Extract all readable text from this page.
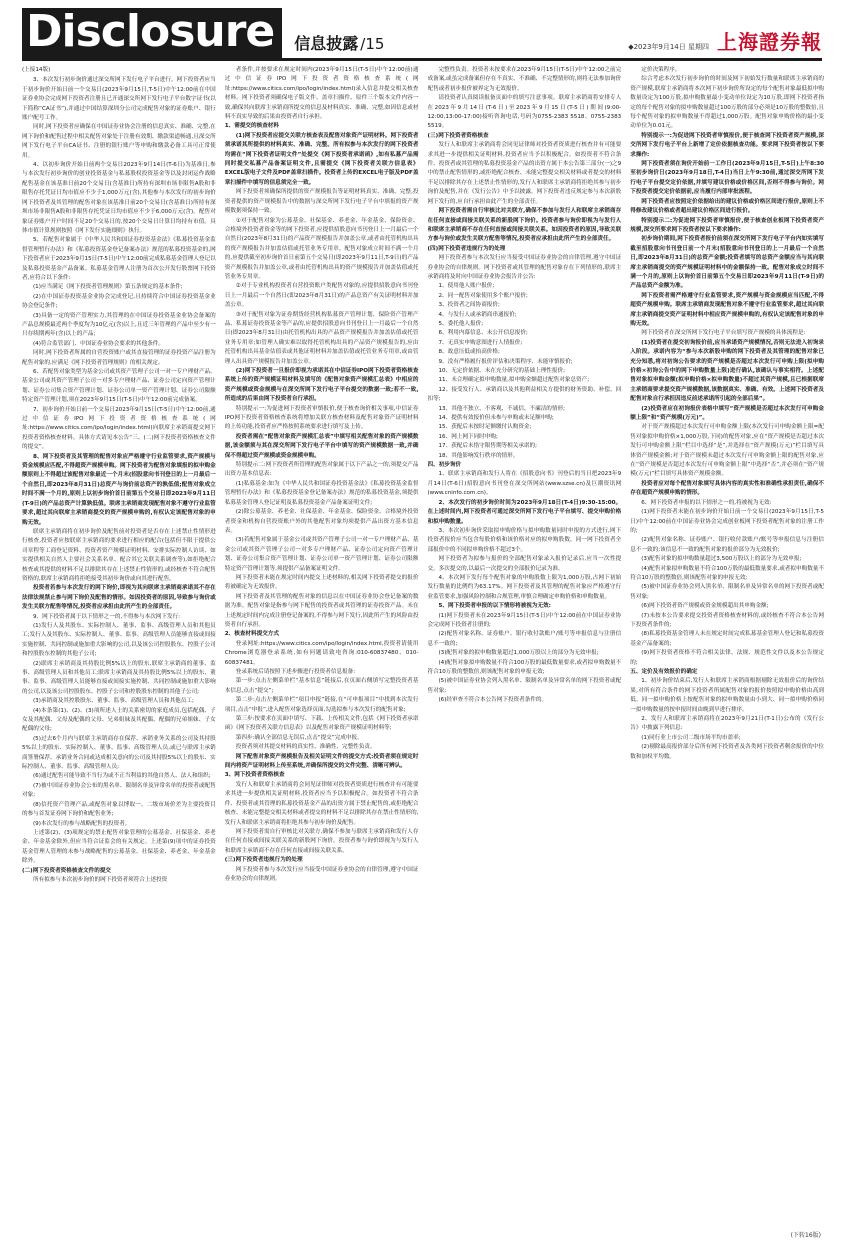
Disclosure	信息披露 /15	◆2023年9月14日 星期四 上海證券報

(上接14版)

3、本次发行初步询价通过深交所网下发行电子平台进行。网下投资者应当于初步询价开始日前一个交易日(2023年9月15日,T-5日)中午12:00前在中国证券业协会完成网下投资者注册且已开通深交所网下发行电子平台数字证书(以下简称“CA证书”),并通过中国结算深圳分公司完成配售对象的证券账户、银行账户配号工作。

同时,网下投资者应确保在中国证券业协会注册的信息真实、准确、完整,在网下询价和配售过程中相关配售对象处于注册有效期、缴款渠道畅通,且深交所网下发行电子平台CA证书、注册的银行账户等申购和缴款必备工具可正常使用。

4、以初步询价开始日前两个交易日2023年9月14日(T-6日)为基准日,参与本次发行初步询价的创业投资基金与私募股权投资基金等以及封闭运作战略配售基金在该基准日前20个交易日(含基准日)所持有深圳市场非限售A股和非限售存托凭证日均市值应不少于1,000万元(含),其他参与本次发行的初步询价网下投资者及其管理的配售对象在该基准日前20个交易日(含基准日)所持有深圳市场非限售A股和非限售存托凭证日均市值应不少于6,000万元(含)。配售对象证券账户开户时间不足20个交易日的,按20个交易日计算日均持有市值。具体市值计算规则按照《网下发行实施细则》执行。

5、若配售对象属于《中华人民共和国证券投资基金法》《私募投资基金监督管理暂行办法》和《私募投资基金登记备案办法》规范的私募投资基金的,网下投资者应于2023年9月15日(T-5日)中午12:00前完成私募基金管理人登记以及私募投资基金产品备案。私募基金管理人注册为首次公开发行股票网下投资者,应符合以下条件:

(1)应当满足《网下投资者管理规则》第五条规定的基本条件;

(2)在中国证券投资基金业协会完成登记,且持续符合中国证券投资基金业协会登记条件;

(3)具备一定的资产管理实力,其管理的在中国证券投资基金业协会备案的产品总规模最近两个季度均为10亿元(含)以上,且近三年管理的产品中至少有一只存续期两年(含)以上的产品;

(4)符合监管部门、中国证券业协会要求的其他条件。

同时,网下投资者所属的自营投资账户或其直接管理的证券投资产品注册为配售对象的,应满足《网下投资者管理规则》的相关规定。

6、若配售对象类型为基金公司或其资产管理子公司一对一专户理财产品、基金公司或其资产管理子公司一对多专户理财产品、证券公司定向资产管理计划、证券公司集合资产管理计划、证券公司单一资产管理计划、证券公司限额特定资产管理计划,须在2023年9月15日(T-5日)中午12:00前完成备案。

7、初步询价开始日前一个交易日2023年9月15日(T-5日)中午12:00前,通过中信证券IPO网下投资者资格核查系统(网址:https://www.citics.com/ipo/login/index.html)向联席主承销商提交网下投资者资格核查材料。具体方式请见本公告“三、(二)网下投资者资格核查文件的提交”。

8、网下投资者及其管理的配售对象应严格遵守行业监管要求,资产规模与资金规模应匹配,不得超资产规模申购。网下投资者为配售对象填报的拟申购金额原则上不得超过该配售对象最近一个月末(招股意向书刊登日的上一月最后一个自然日,即2023年8月31日)总资产与询价前总资产的孰低值;配售对象成立时间不满一个月的,原则上以初步询价首日前第五个交易日即2023年9月11日(T-9日)的产品总资产计算孰低值。联席主承销商发现配售对象不遵守行业监管要求,超过其向联席主承销商提交的资产规模申购的,有权认定该配售对象的申购无效。

联席主承销商将在初步询价及配售前对投资者是否存在上述禁止性情形进行核查,投资者应按联席主承销商的要求进行相应的配合(包括但不限于提供公司章程等工商登记资料、投资者资产规模证明材料、安排实际控制人访谈、如实提供相关自然人主要社会关系名单、配合其它关联关系调查等),如拒绝配合核查或其提供的材料不足以排除其存在上述禁止性情形的,或经核查不符合配售资格的,联席主承销商将拒绝接受其初步询价或向其进行配售。

投资者若参与本次发行的网下询价,即视为其向联席主承销商承诺其不存在法律法规禁止参与网下询价及配售的情形。如因投资者的原因,导致参与询价或发生关联方配售等情况,投资者应承担由此所产生的全部责任。

9、网下投资者属于以下情形之一的,不得参与本次网下发行:

(1)发行人及其股东、实际控制人、董事、监事、高级管理人员和其他员工;发行人及其股东、实际控制人、董事、监事、高级管理人员能够直接或间接实施控制、共同控制或施加重大影响的公司,以及该公司控股股东、控股子公司和控股股东控制的其他子公司;

(2)联席主承销商及其持股比例5%以上的股东,联席主承销商的董事、监事、高级管理人员和其他员工;联席主承销商及其持股比例5%以上的股东、董事、监事、高级管理人员能够直接或间接实施控制、共同控制或施加重大影响的公司,以及该公司控股股东、控股子公司和控股股东控制的其他子公司;

(3)承销商及其控股股东、董事、监事、高级管理人员和其他员工;

(4)本条第(1)、(2)、(3)项所述人士的关系密切的家庭成员,包括配偶、子女及其配偶、父母及配偶的父母、兄弟姐妹及其配偶、配偶的兄弟姐妹、子女配偶的父母;

(5)过去6个月内与联席主承销商存在保荐、承销业务关系的公司及其持股5%以上的股东、实际控制人、董事、监事、高级管理人员,或已与联席主承销商签署保荐、承销业务合同或达成相关意向的公司及其持股5%以上的股东、实际控制人、董事、监事、高级管理人员;

(6)通过配售可能导致不当行为或不正当利益的其他自然人、法人和组织;

(7)被中国证券业协会公布的黑名单、限制名单及异常名单的投资者或配售对象;

(8)信托资产管理产品,或配售对象以博取一、二级市场价差为主要投资目的参与首发证券网下询价和配售业务;

(9)本次发行的参与战略配售的投资者。

上述第(2)、(3)项规定的禁止配售对象管理的公募基金、社保基金、养老金、年金基金除外,但应当符合证监会的有关规定。上述第(9)项中的证券投资基金管理人管理的未参与战略配售的公募基金、社保基金、养老金、年金基金除外。

(二)网下投资者资格核查文件的提交

所有拟参与本次初步询价的网下投资者须符合上述投资

者条件,并按要求在规定时间内(2023年9月15日(T-5日)中午12:00前)通过中信证券IPO网下投资者资格核查系统(网址:https://www.citics.com/ipo/login/index.html)录入信息并提交相关核查材料。网下投资者须确保电子版文件、盖章扫描件、原件三个版本文件内容一致,确保其向联席主承销商所提交的信息及材料真实、准确、完整,如因信息或材料不真实导致的后果由投资者自行承担。

1、需提交的核查材料

(1)网下投资者应提交关联方核查表及配售对象资产证明材料。网下投资者须承诺其所提供的材料真实、准确、完整。所有拟参与本次发行的网下投资者均需在“网下投资者证明文件”处提交《网下投资者承诺函》,如有私募产品需同时提交私募产品备案证明文件,且需提交《网下投资者关联方信息表》EXCEL版电子文件及PDF盖章扫描件。投资者上传的EXCEL电子版及PDF盖章扫描件中填写的信息须完全一致。

网下投资者须确保所提供的资产规模报告等证明材料真实、准确、完整,投资者提供的资产规模报告中的数据与深交所网下发行电子平台中填报的资产规模数据须保持一致。

①对于配售对象为公募基金、社保基金、养老金、年金基金、保险资金、合格境外投资者资金等的网下投资者,应提供招股意向书刊登日上一月最后一个自然日(2023年8月31日)的产品资产规模报告并加盖公章,或者由托管机构出具的资产规模报告并加盖估值或托管业务专用章。配售对象成立时间不满一个月的,应提供截至初步询价首日前第五个交易日(即2023年9月11日,T-9日)的产品资产规模报告并加盖公章,或者由托管机构出具的资产规模报告并加盖估值或托管业务专用章。

②对于专业机构投资者自营投资账户类配售对象的,应提供招股意向书刊登日上一月最后一个自然日(即2023年8月31日)的产品总资产有关证明材料并加盖公章。

③对于配售对象为证券期货经营机构私募资产管理计划、保险资产管理产品、私募证券投资基金等产品的,应提供招股意向书刊登日上一月最后一个自然日(即2023年8月31日)由托管机构出具的产品资产规模报告并加盖估值或托管业务专用章;如管理人确实难以取得托管机构出具的产品资产规模报告的,应由托管机构出具基金估值表或其他证明材料并加盖估值或托管业务专用章,或由管理人出具资产规模报告并加盖公章。

(2)网下投资者一旦报价即视为承诺其在中信证券IPO网下投资者资格核查系统上传的资产规模证明材料及填写的《配售对象资产规模汇总表》中相应的资产规模或资金规模与在深交所网下发行电子平台提交的数据一致;若不一致,所造成的后果由网下投资者自行承担。

特别提示一:为促进网下投资者审慎报价,便于核查询价相关事项,中信证券IPO网下投资者资格核查系统将增加关联方核查材料及配售对象资产证明材料的上传功能,投资者应严格按照系统要求进行填写及上传。

投资者需在“配售对象资产规模汇总表”中填写相关配售对象的资产规模数据,该金额须与其在深交所网下发行电子平台中填写的资产规模数据一致,并确保不得超过资产规模或资金规模申购。

特别提示二:网下投资者所管理的配售对象属于以下产品之一的,须提交产品出资方基本信息表:

(1)私募基金:如为《中华人民共和国证券投资基金法》《私募投资基金监督管理暂行办法》和《私募投资基金登记备案办法》规范的私募投资基金,须提供私募基金管理人登记证明及私募投资基金产品备案证明文件;

(2)除公募基金、养老金、社保基金、年金基金、保险资金、合格境外投资者资金和机构自营投资账户外的其他配售对象均须提供产品出资方基本信息表。

(3)若配售对象属于基金公司或其资产管理子公司一对一专户理财产品、基金公司或其资产管理子公司一对多专户理财产品、证券公司定向资产管理计划、证券公司集合资产管理计划、证券公司单一资产管理计划、证券公司限额特定资产管理计划等,须提供产品备案证明文件。

网下投资者未能在规定时间内提交上述材料的,相关网下投资者提交的报价将被确定为无效报价。

网下投资者及其管理的配售对象的信息以在中国证券业协会登记备案的数据为准。配售对象是指参与网下配售的投资者或其管理的证券投资产品。未在上述规定时间内完成注册登记备案的,不得参与网下发行,因此所产生的风险由投资者自行承担。

2、核查材料提交方式

登录网址:https://www.citics.com/ipo/login/index.html,投资者请使用Chrome浏览器登录系统,如有问题请致电咨询:010-60837480、010-60837481。

登录系统后请按照下述步骤进行投资者信息报备:

第一步:点击左侧菜单栏“基本信息”链接后,在页面右侧填写完整投资者基本信息,点击“提交”;

第二步:点击左侧菜单栏“项目申报”链接,在“可申报项目”中找到本次发行项目,点击“申报”,进入配售对象选择页面,勾选拟参与本次发行的配售对象;

第三步:按要求在页面中填写、下载、上传相关文件,包括《网下投资者承诺函》《网下投资者关联方信息表》以及配售对象资产规模证明材料等;

第四步:确认全部信息无误后,点击“提交”完成申报。

投资者须对其提交材料的真实性、准确性、完整性负责。

网下配售对象资产规模报告及相关证明文件的提交方式:投资者须在规定时间内将资产证明材料上传至系统,并确保所提交的文件完整、清晰可辨认。

3、网下投资者资格核查

发行人和联席主承销商将会同见证律师对投资者资质进行核查并有可能要求其进一步提供相关证明材料,投资者应当予以积极配合。如投资者不符合条件、投资者或其管理的私募投资基金产品的出资方属于禁止配售的,或拒绝配合核查、未能完整提交相关材料或者提交的材料不足以排除其存在禁止性情形的,发行人和联席主承销商将拒绝其参与初步询价及配售。

网下投资者需自行审核比对关联方,确保不参加与联席主承销商和发行人存在任何直接或间接关联关系的新股网下询价。投资者参与询价即视为与发行人和联席主承销商不存在任何直接或间接关联关系。

(三)网下投资者违规行为的处理

网下投资者参与本次发行应当接受中国证券业协会的自律管理,遵守中国证券业协会的自律规则。

完整性负责。投资者未按要求在2023年9月15日(T-5日)中午12:00之前完成备案,或虽完成备案但存在不真实、不准确、不完整情形的,则将无法参加询价配售或者初步报价被界定为无效报价。

请投资者认真阅读报备页面中的填写注意事项。联席主承销商将安排专人在2023年9月14日(T-6日)至2023年9月15日(T-5日)期间(9:00-12:00,13:00-17:00)接听咨询电话,号码为0755-2383 5518、0755-2383 5519。

(三)网下投资者资格核查

发行人和联席主承销商将会同见证律师对投资者资质进行核查并有可能要求其进一步提供相关证明材料,投资者应当予以积极配合。如投资者不符合条件、投资者或其管理的私募投资基金产品的出资方属于本公告第三部分(一)之9中的禁止配售情形的,或拒绝配合核查、未能完整提交相关材料或者提交的材料不足以排除其存在上述禁止性情形的,发行人和联席主承销商将拒绝其参与初步询价及配售,并在《发行公告》中予以披露。网下投资者违反规定参与本次新股网下发行的,应自行承担由此产生的全部责任。

网下投资者需自行审核比对关联方,确保不参加与发行人和联席主承销商存在任何直接或间接关联关系的新股网下询价。投资者参与询价即视为与发行人和联席主承销商不存在任何直接或间接关联关系。如因投资者的原因,导致关联方参与询价或发生关联方配售等情况,投资者应承担由此所产生的全部责任。

(四)网下投资者违规行为的处理

网下投资者参与本次发行应当接受中国证券业协会的自律管理,遵守中国证券业协会的自律规则。网下投资者或其管理的配售对象存在下列情形的,联席主承销商将及时向中国证券业协会报告并公告:

1、使用他人账户报价;

2、同一配售对象使用多个账户报价;

3、投资者之间协商报价;

4、与发行人或承销商串通报价;

5、委托他人报价;

6、利用内幕信息、未公开信息报价;

7、无真实申购意图进行人情报价;

8、故意压低或抬高价格;

9、没有严格履行报价评估和决策程序、未能审慎报价;

10、无定价依据、未在充分研究的基础上理性报价;

11、未合理确定拟申购数量,拟申购金额超过配售对象总资产;

12、接受发行人、承销商以及其他利益相关方提供的财务资助、补偿、回扣等;

13、其他不独立、不客观、不诚信、不廉洁的情形;

14、提供有效报价但未参与申购或未足额申购;

15、获配后未按时足额缴付认购资金;

16、网上网下同时申购;

17、获配后未恪守限售期等相关承诺的;

18、其他影响发行秩序的情形。

四、初步询价

1、联席主承销商和发行人将在《招股意向书》刊登后的当日把2023年9月14日(T-6日)招股意向书刊登在深交所网站(www.szse.cn)及巨潮资讯网(www.cninfo.com.cn)。

2、本次发行的初步询价时间为2023年9月18日(T-4日)9:30-15:00。在上述时间内,网下投资者可通过深交所网下发行电子平台填写、提交申购价格和拟申购数量。

3、本次初步询价采取拟申购价格与拟申购数量同时申报的方式进行,网下投资者报价应当包含每股价格和该价格对应的拟申购股数。同一网下投资者全部报价中的不同拟申购价格不超过3个。

网下投资者为拟参与报价的全部配售对象录入报价记录后,应当一次性提交。多次提交的,以最后一次提交的全部报价记录为准。

4、本次网下发行每个配售对象的申购股数上限为1,000万股,占网下初始发行数量的比例约为63.17%。网下投资者及其管理的配售对象应严格遵守行业监管要求,加强风险控制和合规管理,审慎合理确定申购价格和申购数量。

5、网下投资者申报的以下情形将被视为无效:

(1)网下投资者未在2023年9月15日(T-5日)中午12:00前在中国证券业协会完成网下投资者注册的;

(2)配售对象名称、证券账户、银行收付款账户/账号等申报信息与注册信息不一致的;

(3)配售对象的拟申购数量超过1,000万股以上的部分为无效申报;

(4)配售对象拟申购数量不符合100万股的最低数量要求,或者拟申购数量不符合10万股的整数倍,则该配售对象的申报无效;

(5)被中国证券业协会列入黑名单、限制名单及异常名单的网下投资者或配售对象;

(6)经审查不符合本公告网下投资者条件的。

定价决策程序。

综合考虑本次发行初步询价的时间及网下初始发行数量和联席主承销商的资产规模,联席主承销商将本次网下初步询价所设定的每个配售对象最低拟申购数量设定为100万股,拟申购数量最小变动单位设定为10万股,即网下投资者指定的每个配售对象的拟申购数量超过100万股的部分必须是10万股的整数倍,且每个配售对象的拟申购数量不得超过1,000万股。配售对象申购价格的最小变动单位为0.01元。

特别提示一:为促进网下投资者审慎报价,便于核查网下投资者资产规模,深交所网下发行电子平台上新增了定价依据核查功能。要求网下投资者按以下要求操作:

网下投资者须在询价开始前一工作日(2023年9月15日,T-5日)上午8:30至初步询价日(2023年9月18日,T-4日)当日上午9:30前,通过深交所网下发行电子平台提交定价依据,并填写建议价格或价格区间,否则不得参与询价。网下投资者提交定价依据前,应当履行内部审批流程。

网下投资者应按照定价依据给出的建议价格或价格区间进行报价,原则上不得修改建议价格或者超出建议价格区间进行报价。

特别提示二:为促进网下投资者审慎报价,便于核查创业板网下投资者资产规模,深交所要求网下投资者按以下要求操作:

初步询价期间,网下投资者报价前须在深交所网下发行电子平台内如实填写截至招股意向书刊登日前一个月末(招股意向书刊登日的上一月最后一个自然日,即2023年8月31日)的总资产金额;投资者填写的总资产金额应当与其向联席主承销商提交的资产规模证明材料中的金额保持一致。配售对象成立时间不满一个月的,原则上以询价首日前第五个交易日即2023年9月11日(T-9日)的产品总资产金额为准。

网下投资者需严格遵守行业监管要求,资产规模与资金规模应当匹配,不得超资产规模申购。联席主承销商发现配售对象不遵守行业监管要求,超过其向联席主承销商提交资产证明材料中相应资产规模申购的,有权认定该配售对象的申购无效。

网下投资者在深交所网下发行电子平台填写资产规模的具体流程是:

(1)投资者在提交初询报价前,应当承诺资产规模情况,否则无法进入初询录入阶段。承诺内容为“参与本次新股申购的网下投资者及其管理的配售对象已充分知悉,将对初询公告要求的资产规模是否超过本次发行可申购上限(拟申购价格×初询公告中的网下申购数量上限)进行确认,该确认与事实相符。上述配售对象拟申购金额(拟申购价格×拟申购数量)不超过其资产规模,且已根据联席主承销商要求提交资产规模数据,该数据真实、准确、有效。上述网下投资者及配售对象自行承担因违反前述承诺所引起的全部后果”。

(2)投资者应在初询报价表格中填写“资产规模是否超过本次发行可申购金额上限”和“资产规模(万元)”。

对于资产规模超过本次发行可申购金额上限(本次发行可申购金额上限=配售对象拟申购价格×1,000万股,下同)的配售对象,应在“资产规模是否超过本次发行可申购金额上限”栏目中选择“是”,并选择在“资产规模(万元)”栏目填写具体资产规模金额;对于资产规模未超过本次发行可申购金额上限的配售对象,应在“资产规模是否超过本次发行可申购金额上限”中选择“否”,并必须在“资产规模(万元)”栏目填写具体资产规模金额。

投资者应对每个配售对象填写具体内容的真实性和准确性承担责任,确保不存在超资产规模申购的情形。

6、网下投资者申报的以下情形之一的,将被视为无效:

(1)网下投资者未能在初步询价开始日前一个交易日(2023年9月15日,T-5日)中午12:00前在中国证券业协会完成创业板网下投资者配售对象的注册工作的;

(2)配售对象名称、证券账户、银行收付款账户/账号等申报信息与注册信息不一致的;该信息不一致的配售对象的报价部分为无效报价;

(3)配售对象的拟申购数量超过3,500万股以上的部分为无效申报;

(4)配售对象拟申购数量不符合100万股的最低数量要求,或者拟申购数量不符合10万股的整数倍,则该配售对象的申报无效;

(5)被中国证券业协会列入黑名单、限制名单及异常名单的网下投资者或配售对象;

(6)网下投资者资产规模或资金规模超出其申购金额;

(7)未按本公告要求提交投资者资格核查材料的,或经核查不符合本公告网下投资者条件的;

(8)私募投资基金管理人未在规定时间完成私募基金管理人登记和私募投资基金产品备案的;

(9)网下投资者资格不符合相关法律、法规、规范性文件以及本公告规定的;

五、定价及有效报价的确定

1、初步询价结束后,发行人和联席主承销商根据剔除无效报价后的询价结果,对所有符合条件的网下投资者所属配售对象的报价按照拟申购价格由高到低、同一拟申购价格上按配售对象的拟申购数量由小到大、同一拟申购价格同一拟申购数量的按申报时间由晚到早进行排序。

2、发行人和联席主承销商将在2023年9月21日(T-1日)公布的《发行公告》中披露下列信息:

(1)同行业上市公司二级市场平均市盈率;

(2)剔除最高报价部分后所有网下投资者及各类网下投资者剩余报价的中位数和加权平均数。

(下转16版)
